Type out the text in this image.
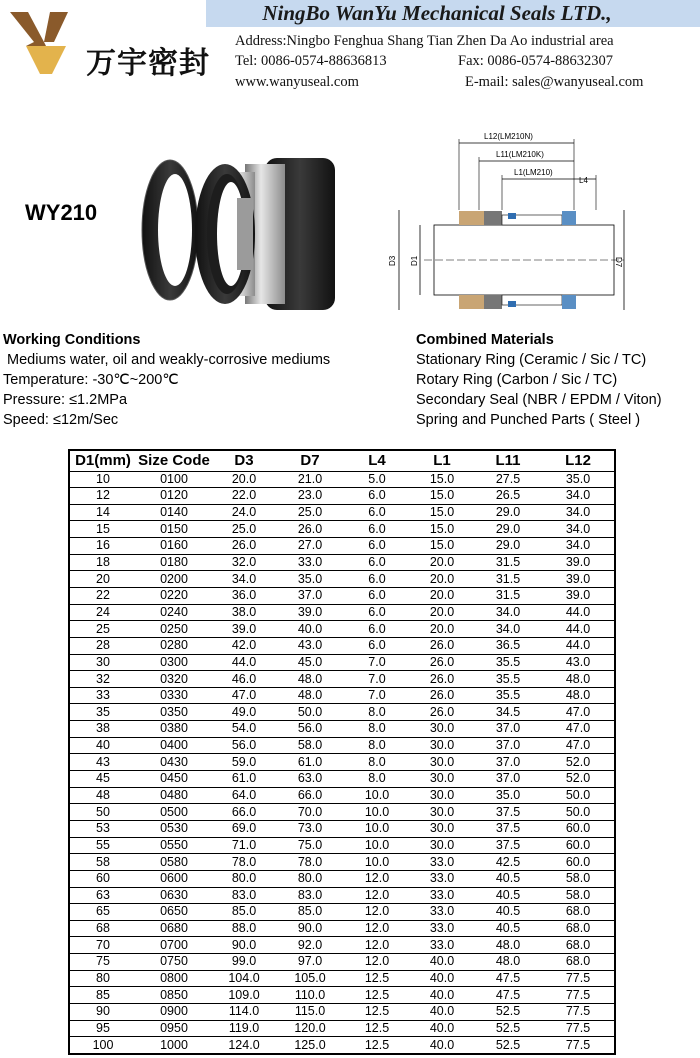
万宇密封
NingBo WanYu Mechanical Seals LTD.,
Address:Ningbo Fenghua Shang Tian Zhen Da Ao industrial area
Tel: 0086-0574-88636813	Fax: 0086-0574-88632307
www.wanyuseal.com	E-mail: sales@wanyuseal.com
WY210
L12(LM210N)
L11(LM210K)
L1(LM210)
L4
D3 D1	D7
Working Conditions
Mediums water, oil and weakly-corrosive mediums
Temperature: -30℃~200℃
Pressure: ≤1.2MPa
Speed: ≤12m/Sec
Combined Materials
Stationary Ring (Ceramic / Sic / TC)
Rotary Ring (Carbon / Sic / TC)
Secondary Seal (NBR / EPDM / Viton)
Spring and Punched Parts ( Steel )
D1(mm)	Size Code	D3	D7	L4	L1	L11	L12
10	0100	20.0	21.0	5.0	15.0	27.5	35.0
12	0120	22.0	23.0	6.0	15.0	26.5	34.0
14	0140	24.0	25.0	6.0	15.0	29.0	34.0
15	0150	25.0	26.0	6.0	15.0	29.0	34.0
16	0160	26.0	27.0	6.0	15.0	29.0	34.0
18	0180	32.0	33.0	6.0	20.0	31.5	39.0
20	0200	34.0	35.0	6.0	20.0	31.5	39.0
22	0220	36.0	37.0	6.0	20.0	31.5	39.0
24	0240	38.0	39.0	6.0	20.0	34.0	44.0
25	0250	39.0	40.0	6.0	20.0	34.0	44.0
28	0280	42.0	43.0	6.0	26.0	36.5	44.0
30	0300	44.0	45.0	7.0	26.0	35.5	43.0
32	0320	46.0	48.0	7.0	26.0	35.5	48.0
33	0330	47.0	48.0	7.0	26.0	35.5	48.0
35	0350	49.0	50.0	8.0	26.0	34.5	47.0
38	0380	54.0	56.0	8.0	30.0	37.0	47.0
40	0400	56.0	58.0	8.0	30.0	37.0	47.0
43	0430	59.0	61.0	8.0	30.0	37.0	52.0
45	0450	61.0	63.0	8.0	30.0	37.0	52.0
48	0480	64.0	66.0	10.0	30.0	35.0	50.0
50	0500	66.0	70.0	10.0	30.0	37.5	50.0
53	0530	69.0	73.0	10.0	30.0	37.5	60.0
55	0550	71.0	75.0	10.0	30.0	37.5	60.0
58	0580	78.0	78.0	10.0	33.0	42.5	60.0
60	0600	80.0	80.0	12.0	33.0	40.5	58.0
63	0630	83.0	83.0	12.0	33.0	40.5	58.0
65	0650	85.0	85.0	12.0	33.0	40.5	68.0
68	0680	88.0	90.0	12.0	33.0	40.5	68.0
70	0700	90.0	92.0	12.0	33.0	48.0	68.0
75	0750	99.0	97.0	12.0	40.0	48.0	68.0
80	0800	104.0	105.0	12.5	40.0	47.5	77.5
85	0850	109.0	110.0	12.5	40.0	47.5	77.5
90	0900	114.0	115.0	12.5	40.0	52.5	77.5
95	0950	119.0	120.0	12.5	40.0	52.5	77.5
100	1000	124.0	125.0	12.5	40.0	52.5	77.5
